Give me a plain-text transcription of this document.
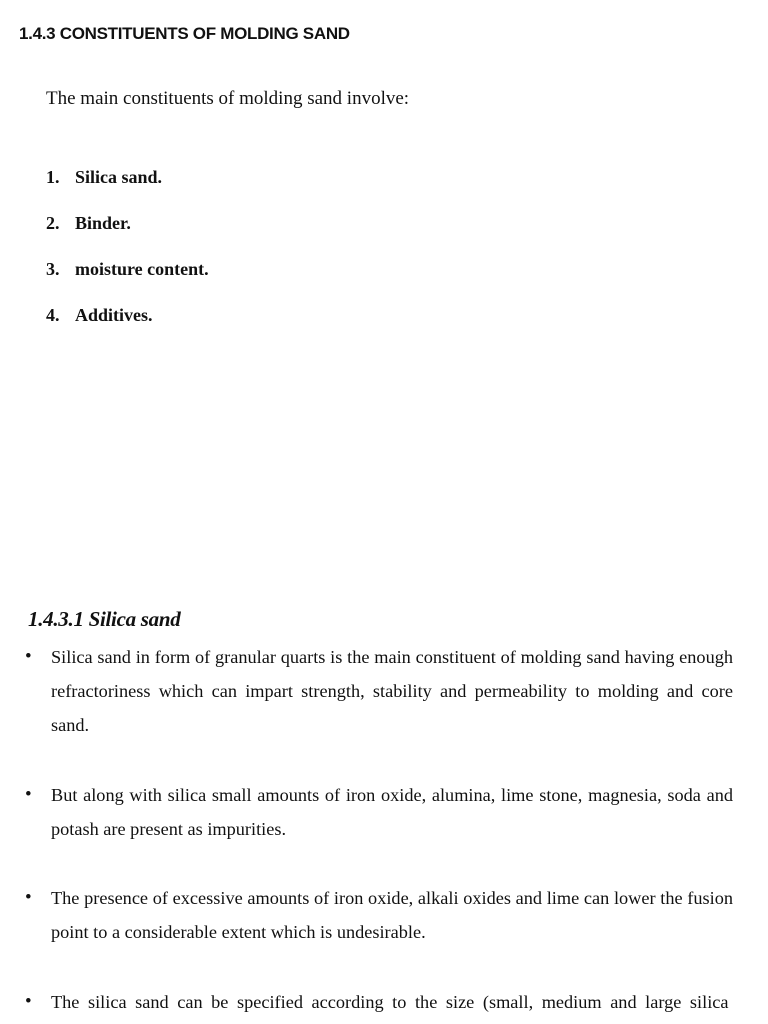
1.4.3 CONSTITUENTS OF MOLDING SAND

The main constituents of molding sand involve:

1. Silica sand.
2. Binder.
3. moisture content.
4. Additives.
1.4.3.1 Silica sand
• Silica sand in form of granular quarts is the main constituent of molding sand having enough refractoriness which can impart strength, stability and permeability to molding and core sand.

• But along with silica small amounts of iron oxide, alumina, lime stone, magnesia, soda and potash are present as impurities.

• The presence of excessive amounts of iron oxide, alkali oxides and lime can lower the fusion point to a considerable extent which is undesirable.

• The silica sand can be specified according to the size (small, medium and large silica
